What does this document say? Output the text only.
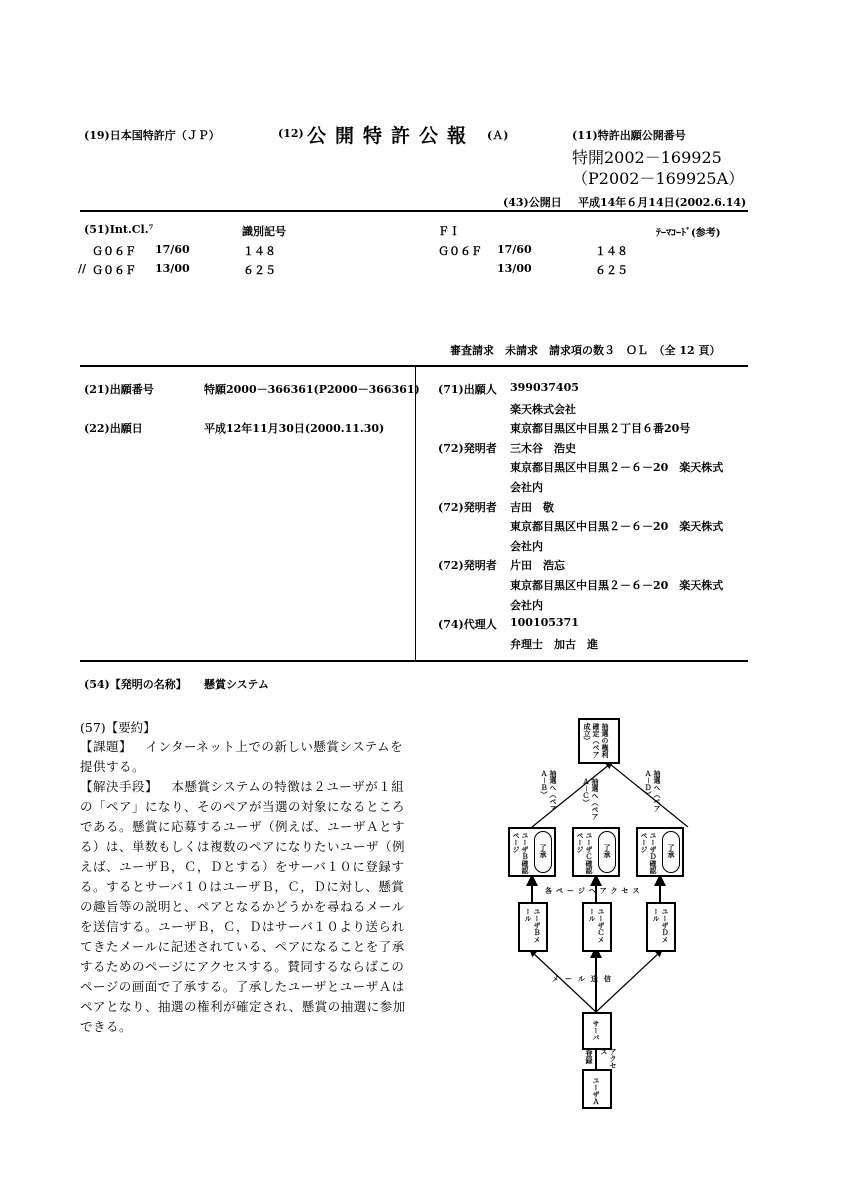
(19)日本国特許庁（ＪＰ）	(12) 公開特許公報 (Ａ)	(11)特許出願公開番号
特開2002－169925
（P2002－169925A）
(43)公開日 平成14年６月14日(2002.6.14)
(51)Int.Cl.⁷	識別記号	ＦＩ	ﾃｰﾏｺｰﾄﾞ(参考)
Ｇ０６Ｆ 17/60	１４８	Ｇ０６Ｆ 17/60	１４８
// Ｇ０６Ｆ 13/00	６２５	13/00	６２５
審査請求　未請求　請求項の数３　ＯＬ　（全 12 頁）
(21)出願番号	特願2000－366361(P2000－366361)
(22)出願日	平成12年11月30日(2000.11.30)
(71)出願人 399037405
楽天株式会社
東京都目黒区中目黒２丁目６番20号
(72)発明者 三木谷　浩史
東京都目黒区中目黒２－６－20　楽天株式
会社内
(72)発明者 吉田　敬
東京都目黒区中目黒２－６－20　楽天株式
会社内
(72)発明者 片田　浩忘
東京都目黒区中目黒２－６－20　楽天株式
会社内
(74)代理人 100105371
弁理士　加古　進
(54)【発明の名称】 懸賞システム
(57)【要約】
【課題】 インターネット上での新しい懸賞システムを提供する。
【解決手段】 本懸賞システムの特徴は２ユーザが１組の「ペア」になり、そのペアが当選の対象になるところである。懸賞に応募するユーザ（例えば、ユーザＡとする）は、単数もしくは複数のペアになりたいユーザ（例えば、ユーザＢ，Ｃ，Ｄとする）をサーバ１０に登録する。するとサーバ１０はユーザＢ，Ｃ，Ｄに対し、懸賞の趣旨等の説明と、ペアとなるかどうかを尋ねるメールを送信する。ユーザＢ，Ｃ，Ｄはサーバ１０より送られてきたメールに記述されている、ペアになることを了承するためのページにアクセスする。賛同するならばこのページの画面で了承する。了承したユーザとユーザＡはペアとなり、抽選の権利が確定され、懸賞の抽選に参加できる。
抽選の権利確定（ペア成立）
抽選へ（ペアＡ－Ｂ）	抽選へ（ペアＡ－Ｃ）	抽選へ（ペアＡ－Ｄ）
ユーザＢ確認ページ	了承	ユーザＣ確認ページ	了承	ユーザＤ確認ページ	了承
各ページへアクセス
ユーザＢメール	ユーザＣメール	ユーザＤメール
メール送信
サーバ
登録	アクセス
ユーザＡ
